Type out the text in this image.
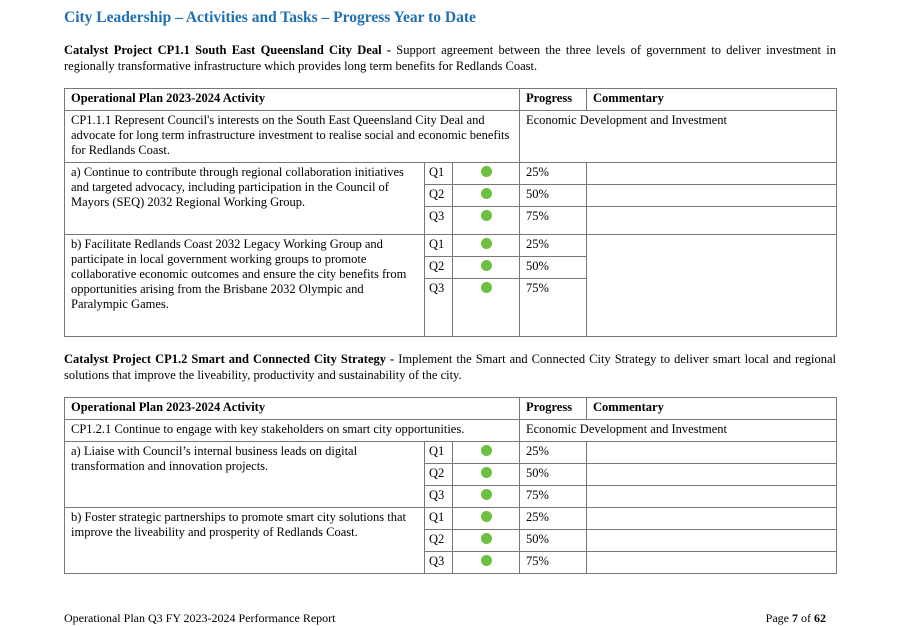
City Leadership – Activities and Tasks – Progress Year to Date

Catalyst Project CP1.1 South East Queensland City Deal - Support agreement between the three levels of government to deliver investment in regionally transformative infrastructure which provides long term benefits for Redlands Coast.

Operational Plan 2023-2024 Activity			Progress	Commentary
CP1.1.1 Represent Council's interests on the South East Queensland City Deal and advocate for long term infrastructure investment to realise social and economic benefits for Redlands Coast.			Economic Development and Investment	
a) Continue to contribute through regional collaboration initiatives and targeted advocacy, including participation in the Council of Mayors (SEQ) 2032 Regional Working Group.	Q1		25%	
	Q2		50%	
	Q3		75%	
b) Facilitate Redlands Coast 2032 Legacy Working Group and participate in local government working groups to promote collaborative economic outcomes and ensure the city benefits from opportunities arising from the Brisbane 2032 Olympic and Paralympic Games.	Q1		25%	
	Q2		50%	
	Q3		75%	

Catalyst Project CP1.2 Smart and Connected City Strategy - Implement the Smart and Connected City Strategy to deliver smart local and regional solutions that improve the liveability, productivity and sustainability of the city.

Operational Plan 2023-2024 Activity			Progress	Commentary
CP1.2.1 Continue to engage with key stakeholders on smart city opportunities.			Economic Development and Investment	
a) Liaise with Council’s internal business leads on digital transformation and innovation projects.	Q1		25%	
	Q2		50%	
	Q3		75%	
b) Foster strategic partnerships to promote smart city solutions that improve the liveability and prosperity of Redlands Coast.	Q1		25%	
	Q2		50%	
	Q3		75%	
Operational Plan Q3 FY 2023-2024 Performance Report	Page 7 of 62
